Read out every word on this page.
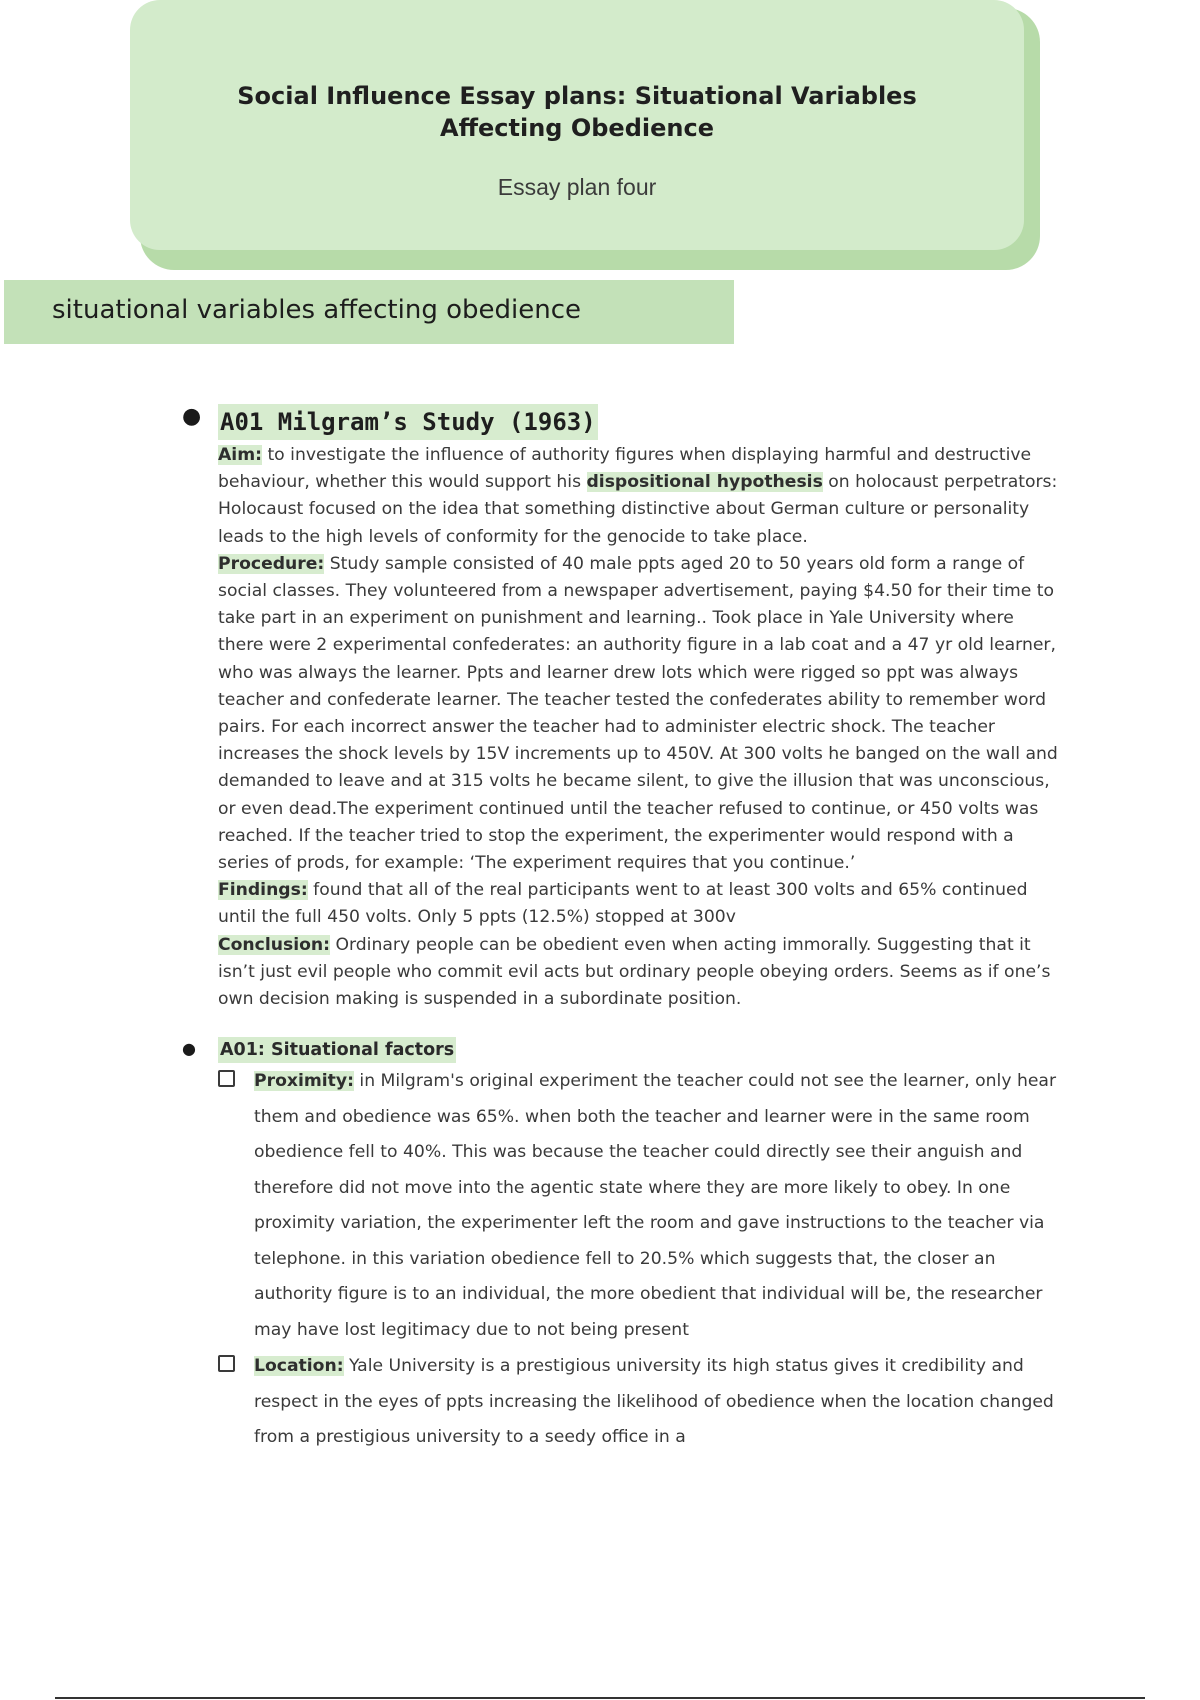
Social Influence Essay plans: Situational Variables Affecting Obedience
Essay plan four
situational variables affecting obedience
● A01 Milgram’s Study (1963)

Aim: to investigate the influence of authority figures when displaying harmful and destructive behaviour, whether this would support his dispositional hypothesis on holocaust perpetrators: Holocaust focused on the idea that something distinctive about German culture or personality leads to the high levels of conformity for the genocide to take place.

Procedure: Study sample consisted of 40 male ppts aged 20 to 50 years old form a range of social classes. They volunteered from a newspaper advertisement, paying $4.50 for their time to take part in an experiment on punishment and learning.. Took place in Yale University where there were 2 experimental confederates: an authority figure in a lab coat and a 47 yr old learner, who was always the learner. Ppts and learner drew lots which were rigged so ppt was always teacher and confederate learner. The teacher tested the confederates ability to remember word pairs. For each incorrect answer the teacher had to administer electric shock. The teacher increases the shock levels by 15V increments up to 450V. At 300 volts he banged on the wall and demanded to leave and at 315 volts he became silent, to give the illusion that was unconscious, or even dead.The experiment continued until the teacher refused to continue, or 450 volts was reached. If the teacher tried to stop the experiment, the experimenter would respond with a series of prods, for example: ‘The experiment requires that you continue.’

Findings: found that all of the real participants went to at least 300 volts and 65% continued until the full 450 volts. Only 5 ppts (12.5%) stopped at 300v

Conclusion: Ordinary people can be obedient even when acting immorally. Suggesting that it isn’t just evil people who commit evil acts but ordinary people obeying orders. Seems as if one’s own decision making is suspended in a subordinate position.

● A01: Situational factors

Proximity: in Milgram's original experiment the teacher could not see the learner, only hear them and obedience was 65%. when both the teacher and learner were in the same room obedience fell to 40%. This was because the teacher could directly see their anguish and therefore did not move into the agentic state where they are more likely to obey. In one proximity variation, the experimenter left the room and gave instructions to the teacher via telephone. in this variation obedience fell to 20.5% which suggests that, the closer an authority figure is to an individual, the more obedient that individual will be, the researcher may have lost legitimacy due to not being present

Location: Yale University is a prestigious university its high status gives it credibility and respect in the eyes of ppts increasing the likelihood of obedience when the location changed from a prestigious university to a seedy office in a
